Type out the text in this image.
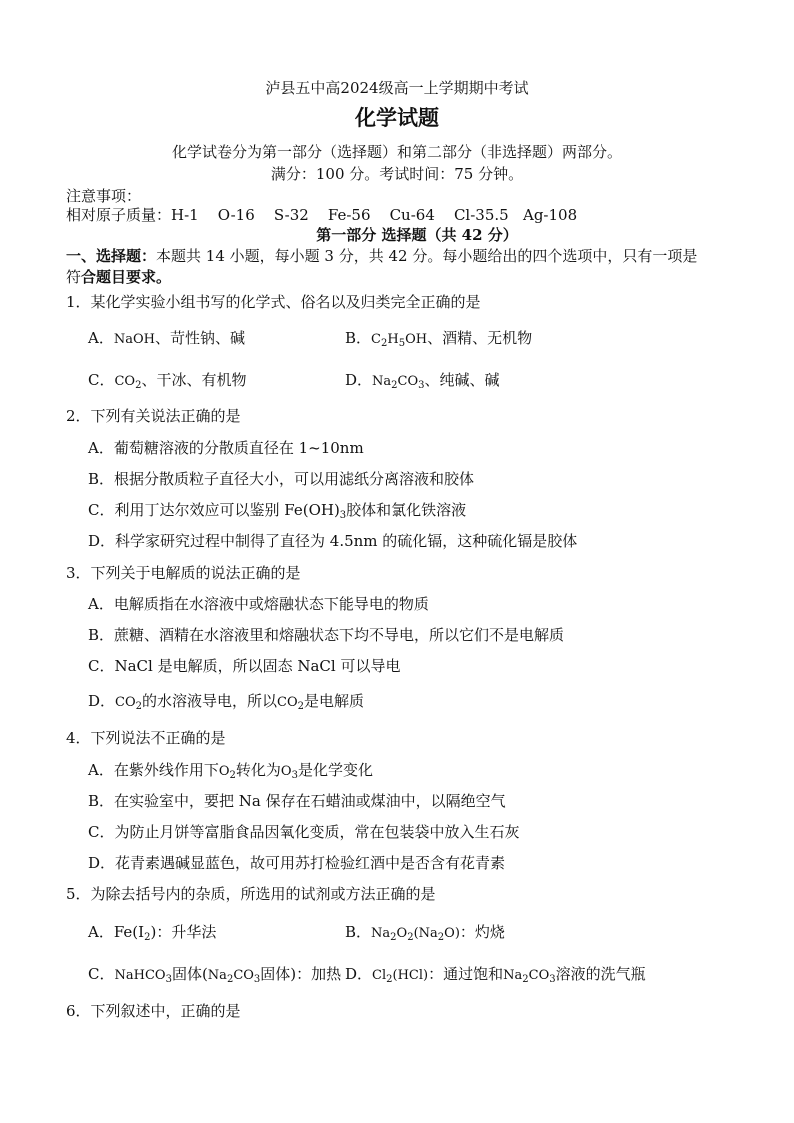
泸县五中高2024级高一上学期期中考试
化学试题
化学试卷分为第一部分（选择题）和第二部分（非选择题）两部分。
满分：100 分。考试时间：75 分钟。
注意事项：
相对原子质量：H-1    O-16    S-32    Fe-56    Cu-64    Cl-35.5   Ag-108
第一部分 选择题（共 42 分）
一、选择题：本题共 14 小题，每小题 3 分，共 42 分。每小题给出的四个选项中，只有一项是
符合题目要求。
1．某化学实验小组书写的化学式、俗名以及归类完全正确的是
A．NaOH、苛性钠、碱	B．$C_2H_5OH$、酒精、无机物
C．$CO_2$、干冰、有机物	D．$Na_2CO_3$、纯碱、碱
2．下列有关说法正确的是
A．葡萄糖溶液的分散质直径在 1~10nm
B．根据分散质粒子直径大小，可以用滤纸分离溶液和胶体
C．利用丁达尔效应可以鉴别 $Fe(OH)_3$胶体和氯化铁溶液
D．科学家研究过程中制得了直径为 4.5nm 的硫化镉，这种硫化镉是胶体
3．下列关于电解质的说法正确的是
A．电解质指在水溶液中或熔融状态下能导电的物质
B．蔗糖、酒精在水溶液里和熔融状态下均不导电，所以它们不是电解质
C．NaCl 是电解质，所以固态 NaCl 可以导电
D．$CO_2$的水溶液导电，所以$CO_2$是电解质
4．下列说法不正确的是
A．在紫外线作用下$O_2$转化为$O_3$是化学变化
B．在实验室中，要把 Na 保存在石蜡油或煤油中，以隔绝空气
C．为防止月饼等富脂食品因氧化变质，常在包装袋中放入生石灰
D．花青素遇碱显蓝色，故可用苏打检验红酒中是否含有花青素
5．为除去括号内的杂质，所选用的试剂或方法正确的是
A．$Fe(I_2)$：升华法	B．$Na_2O_2(Na_2O)$：灼烧
C．NaHCO$_3$固体($Na_2CO_3$固体)：加热 D．$Cl_2(HCl)$：通过饱和$Na_2CO_3$溶液的洗气瓶
6．下列叙述中，正确的是
